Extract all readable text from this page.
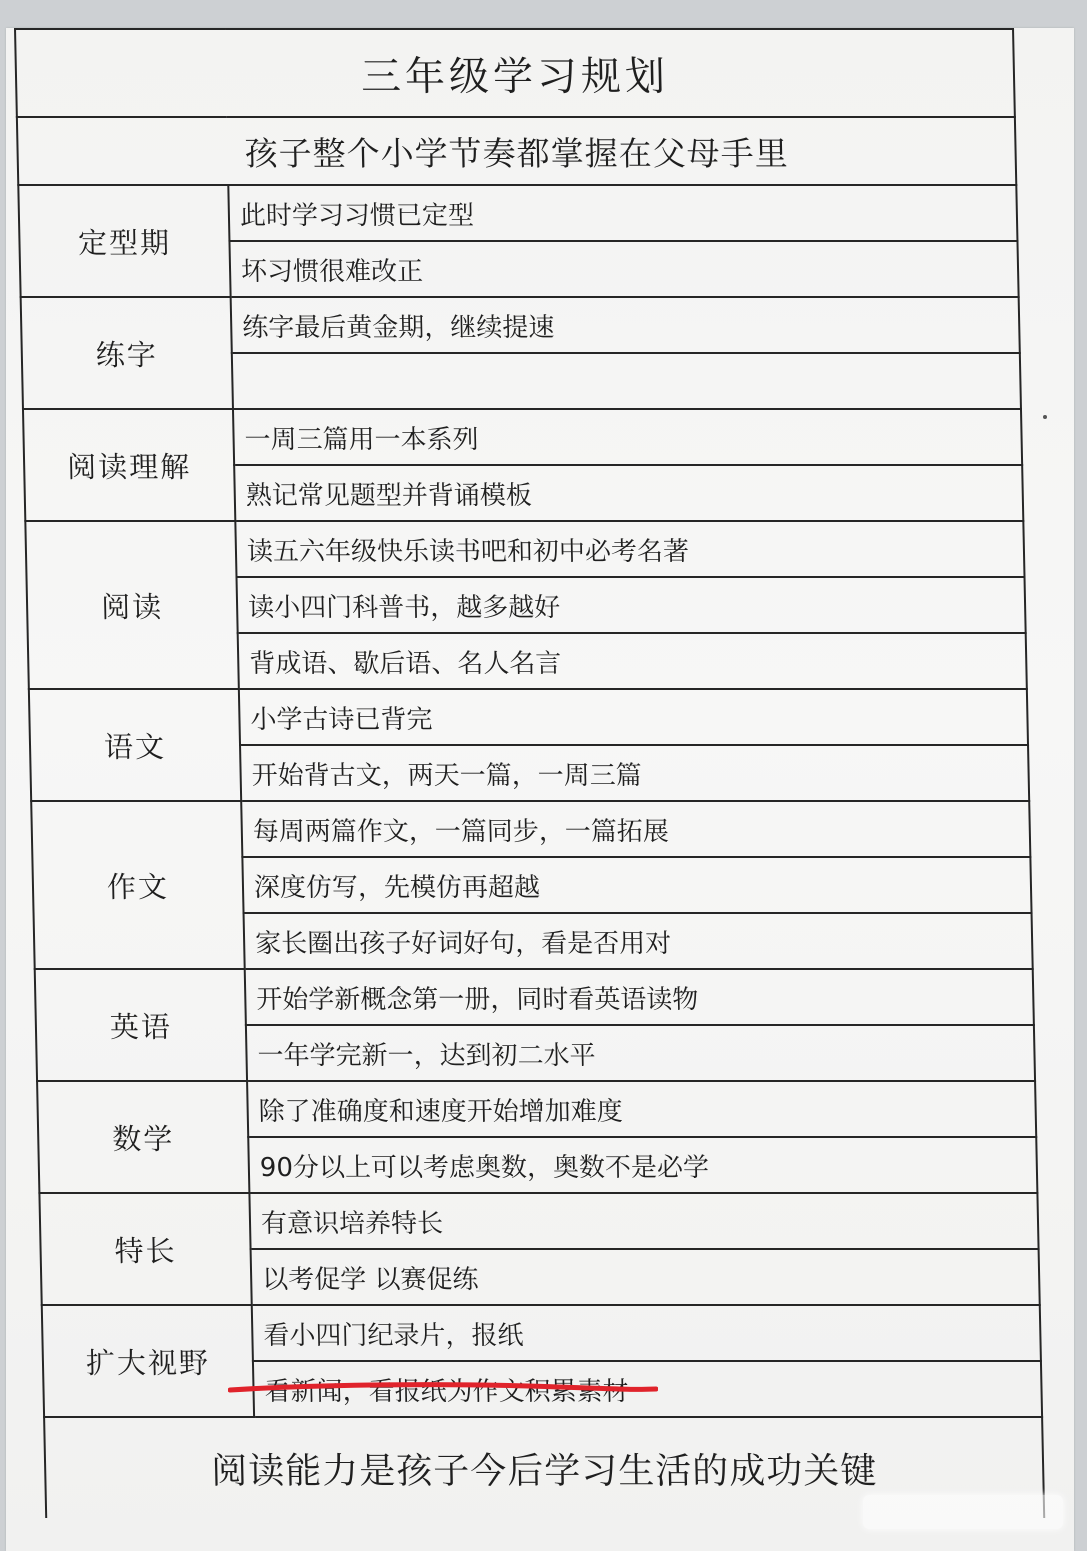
三年级学习规划	
孩子整个小学节奏都掌握在父母手里	
定型期	此时学习习惯已定型
	坏习惯很难改正
练字	练字最后黄金期，继续提速

阅读理解	一周三篇用一本系列
	熟记常见题型并背诵模板
阅读	读五六年级快乐读书吧和初中必考名著
	读小四门科普书，越多越好
	背成语、歇后语、名人名言
语文	小学古诗已背完
	开始背古文，两天一篇，一周三篇
作文	每周两篇作文，一篇同步，一篇拓展
	深度仿写，先模仿再超越
	家长圈出孩子好词好句，看是否用对
英语	开始学新概念第一册，同时看英语读物
	一年学完新一，达到初二水平
数学	除了准确度和速度开始增加难度
	90分以上可以考虑奥数，奥数不是必学
特长	有意识培养特长
	以考促学 以赛促练
扩大视野	看小四门纪录片，报纸
	看新闻，看报纸为作文积累素材
阅读能力是孩子今后学习生活的成功关键	
